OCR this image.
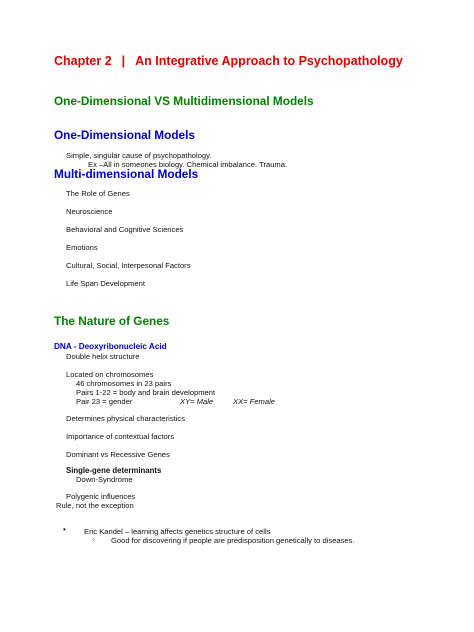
Chapter 2 | An Integrative Approach to Psychopathology
One-Dimensional VS Multidimensional Models
One-Dimensional Models
Simple, singular cause of psychopathology.
Ex –All in someones biology. Chemical imbalance. Trauma.
Multi-dimensional Models
The Role of Genes
Neuroscience
Behavioral and Cognitive Sciences
Emotions
Cultural, Social, Interpesonal Factors
Life Span Development
The Nature of Genes
DNA - Deoxyribonucleic Acid
Double helix structure
Located on chromosomes
46 chromosomes in 23 pairs
Pairs 1-22 = body and brain development
Pair 23 = gender	XY= Male	XX= Female
Determines physical characteristics
Importance of contextual factors
Dominant vs Recessive Genes
Single-gene determinants
Down-Syndrome
Polygenic influences
Rule, not the exception
• Eric Kandel – learning affects genetics structure of cells
◦ Good for discovering if people are predisposition genetically to diseases.
